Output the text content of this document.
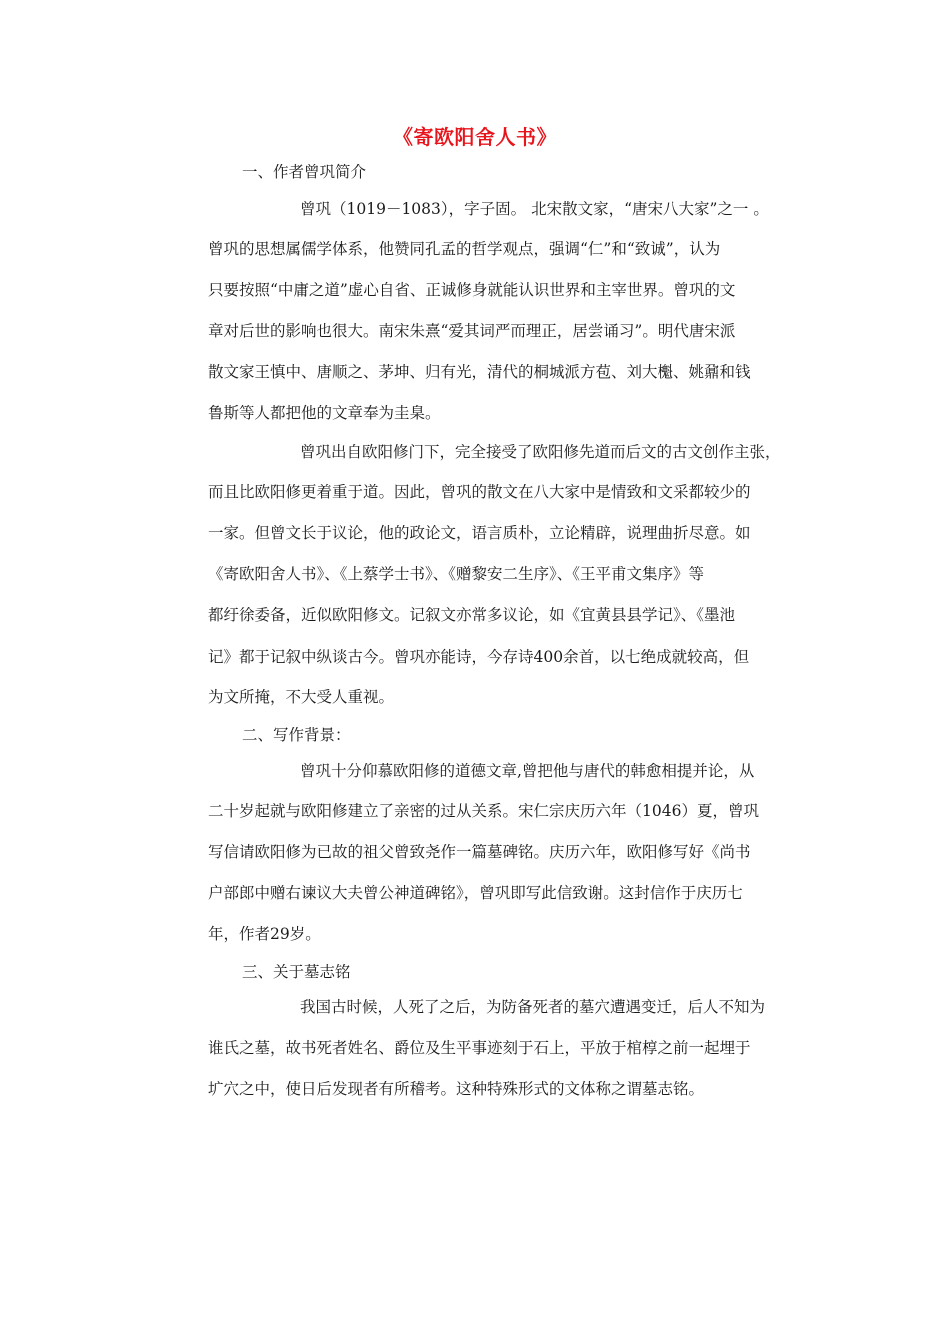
《寄欧阳舍人书》
一、作者曾巩简介
曾巩（1019－1083），字子固。 北宋散文家，“唐宋八大家”之一 。
曾巩的思想属儒学体系，他赞同孔孟的哲学观点，强调“仁”和“致诚”，认为
只要按照“中庸之道”虚心自省、正诚修身就能认识世界和主宰世界。曾巩的文
章对后世的影响也很大。南宋朱熹“爱其词严而理正，居尝诵习”。明代唐宋派
散文家王慎中、唐顺之、茅坤、归有光，清代的桐城派方苞、刘大櫆、姚鼐和钱
鲁斯等人都把他的文章奉为圭臬。
曾巩出自欧阳修门下，完全接受了欧阳修先道而后文的古文创作主张，
而且比欧阳修更着重于道。因此，曾巩的散文在八大家中是情致和文采都较少的
一家。但曾文长于议论，他的政论文，语言质朴，立论精辟，说理曲折尽意。如
《寄欧阳舍人书》、《上蔡学士书》、《赠黎安二生序》、《王平甫文集序》等
都纡徐委备，近似欧阳修文。记叙文亦常多议论，如《宜黄县县学记》、《墨池
记》都于记叙中纵谈古今。曾巩亦能诗，今存诗400余首，以七绝成就较高，但
为文所掩，不大受人重视。
二、写作背景：
曾巩十分仰慕欧阳修的道德文章,曾把他与唐代的韩愈相提并论，从
二十岁起就与欧阳修建立了亲密的过从关系。宋仁宗庆历六年（1046）夏，曾巩
写信请欧阳修为已故的祖父曾致尧作一篇墓碑铭。庆历六年，欧阳修写好《尚书
户部郎中赠右谏议大夫曾公神道碑铭》，曾巩即写此信致谢。这封信作于庆历七
年，作者29岁。
三、关于墓志铭
我国古时候，人死了之后，为防备死者的墓穴遭遇变迁，后人不知为
谁氏之墓，故书死者姓名、爵位及生平事迹刻于石上，平放于棺椁之前一起埋于
圹穴之中，使日后发现者有所稽考。这种特殊形式的文体称之谓墓志铭。
